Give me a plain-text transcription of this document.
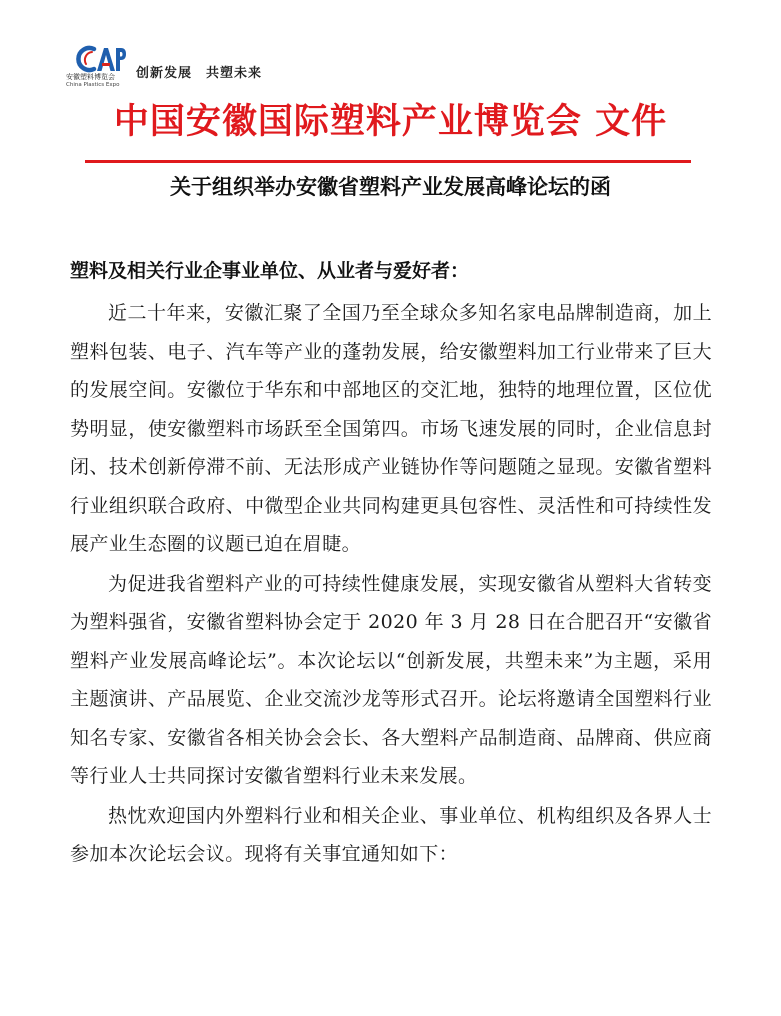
安徽塑料博览会
China Plastics Expo
创新发展　共塑未来
中国安徽国际塑料产业博览会 文件
关于组织举办安徽省塑料产业发展高峰论坛的函
塑料及相关行业企事业单位、从业者与爱好者：

近二十年来，安徽汇聚了全国乃至全球众多知名家电品牌制造商，加上塑料包装、电子、汽车等产业的蓬勃发展，给安徽塑料加工行业带来了巨大的发展空间。安徽位于华东和中部地区的交汇地，独特的地理位置，区位优势明显，使安徽塑料市场跃至全国第四。市场飞速发展的同时，企业信息封闭、技术创新停滞不前、无法形成产业链协作等问题随之显现。安徽省塑料行业组织联合政府、中微型企业共同构建更具包容性、灵活性和可持续性发展产业生态圈的议题已迫在眉睫。

为促进我省塑料产业的可持续性健康发展，实现安徽省从塑料大省转变为塑料强省，安徽省塑料协会定于 2020 年 3 月 28 日在合肥召开“安徽省塑料产业发展高峰论坛”。本次论坛以“创新发展，共塑未来”为主题，采用主题演讲、产品展览、企业交流沙龙等形式召开。论坛将邀请全国塑料行业知名专家、安徽省各相关协会会长、各大塑料产品制造商、品牌商、供应商等行业人士共同探讨安徽省塑料行业未来发展。

热忱欢迎国内外塑料行业和相关企业、事业单位、机构组织及各界人士参加本次论坛会议。现将有关事宜通知如下：
